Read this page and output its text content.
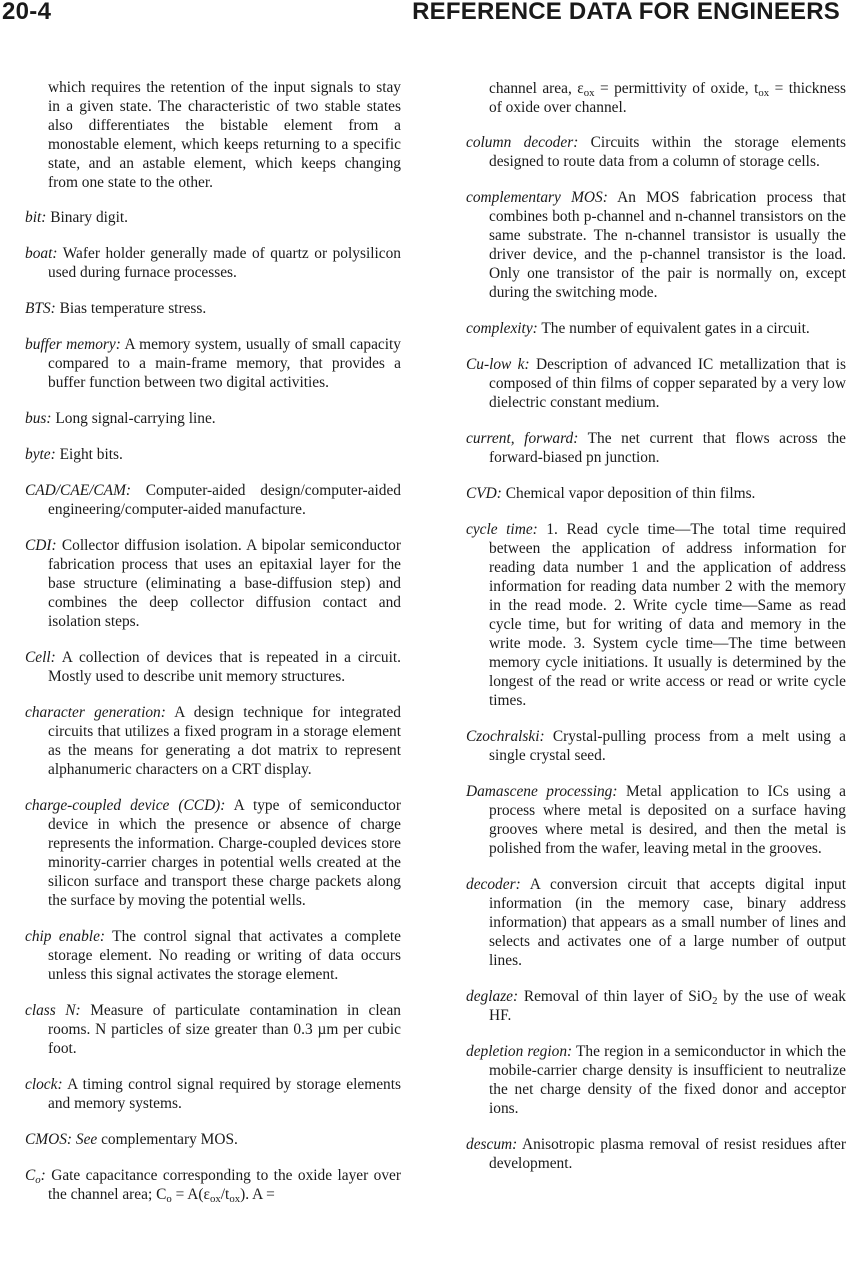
20-4	REFERENCE DATA FOR ENGINEERS

which requires the retention of the input signals to stay in a given state. The characteristic of two stable states also differentiates the bistable element from a monostable element, which keeps returning to a specific state, and an astable element, which keeps changing from one state to the other.

bit: Binary digit.

boat: Wafer holder generally made of quartz or polysilicon used during furnace processes.

BTS: Bias temperature stress.

buffer memory: A memory system, usually of small capacity compared to a main-frame memory, that provides a buffer function between two digital activities.

bus: Long signal-carrying line.

byte: Eight bits.

CAD/CAE/CAM: Computer-aided design/computer-aided engineering/computer-aided manufacture.

CDI: Collector diffusion isolation. A bipolar semiconductor fabrication process that uses an epitaxial layer for the base structure (eliminating a base-diffusion step) and combines the deep collector diffusion contact and isolation steps.

Cell: A collection of devices that is repeated in a circuit. Mostly used to describe unit memory structures.

character generation: A design technique for integrated circuits that utilizes a fixed program in a storage element as the means for generating a dot matrix to represent alphanumeric characters on a CRT display.

charge-coupled device (CCD): A type of semiconductor device in which the presence or absence of charge represents the information. Charge-coupled devices store minority-carrier charges in potential wells created at the silicon surface and transport these charge packets along the surface by moving the potential wells.

chip enable: The control signal that activates a complete storage element. No reading or writing of data occurs unless this signal activates the storage element.

class N: Measure of particulate contamination in clean rooms. N particles of size greater than 0.3 µm per cubic foot.

clock: A timing control signal required by storage elements and memory systems.

CMOS: See complementary MOS.

$C_o$: Gate capacitance corresponding to the oxide layer over the channel area; $C_o = A(\varepsilon_{ox}/t_{ox})$. A =

channel area, $\varepsilon_{ox}$ = permittivity of oxide, $t_{ox}$ = thickness of oxide over channel.

column decoder: Circuits within the storage elements designed to route data from a column of storage cells.

complementary MOS: An MOS fabrication process that combines both p-channel and n-channel transistors on the same substrate. The n-channel transistor is usually the driver device, and the p-channel transistor is the load. Only one transistor of the pair is normally on, except during the switching mode.

complexity: The number of equivalent gates in a circuit.

Cu-low k: Description of advanced IC metallization that is composed of thin films of copper separated by a very low dielectric constant medium.

current, forward: The net current that flows across the forward-biased pn junction.

CVD: Chemical vapor deposition of thin films.

cycle time: 1. Read cycle time—The total time required between the application of address information for reading data number 1 and the application of address information for reading data number 2 with the memory in the read mode. 2. Write cycle time—Same as read cycle time, but for writing of data and memory in the write mode. 3. System cycle time—The time between memory cycle initiations. It usually is determined by the longest of the read or write access or read or write cycle times.

Czochralski: Crystal-pulling process from a melt using a single crystal seed.

Damascene processing: Metal application to ICs using a process where metal is deposited on a surface having grooves where metal is desired, and then the metal is polished from the wafer, leaving metal in the grooves.

decoder: A conversion circuit that accepts digital input information (in the memory case, binary address information) that appears as a small number of lines and selects and activates one of a large number of output lines.

deglaze: Removal of thin layer of SiO$_2$ by the use of weak HF.

depletion region: The region in a semiconductor in which the mobile-carrier charge density is insufficient to neutralize the net charge density of the fixed donor and acceptor ions.

descum: Anisotropic plasma removal of resist residues after development.
